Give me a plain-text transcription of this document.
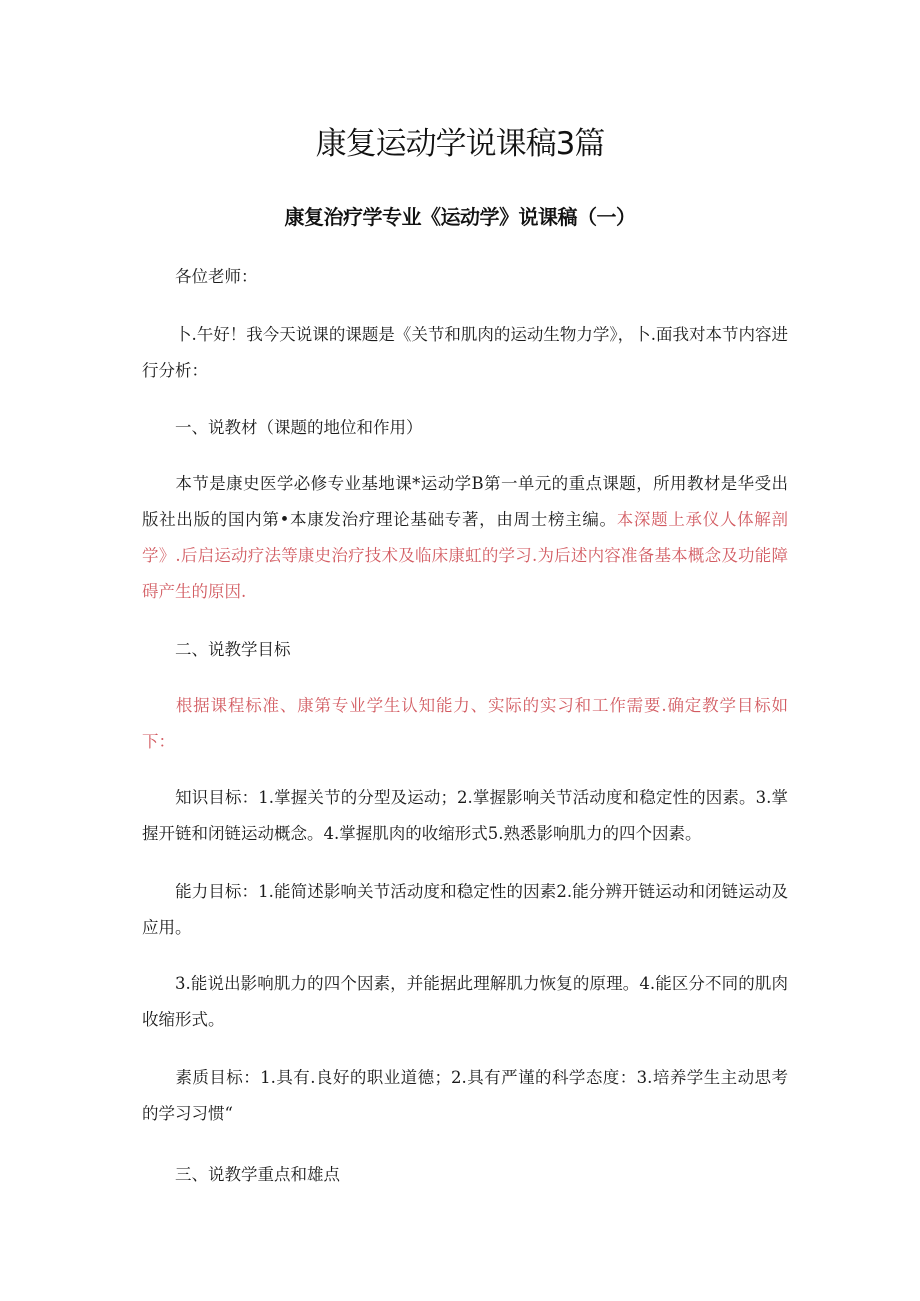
康复运动学说课稿3篇
康复治疗学专业《运动学》说课稿（一）

各位老师：

卜.午好！我今天说课的课题是《关节和肌肉的运动生物力学》，卜.面我对本节内容进行分析：

一、说教材（课题的地位和作用）

本节是康史医学必修专业基地课*运动学B第一单元的重点课题，所用教材是华受出版社出版的国内第•本康发治疗理论基础专著，由周士榜主编。本深题上承仪人体解剖学》.后启运动疗法等康史治疗技术及临床康虹的学习.为后述内容准备基本概念及功能障碍产生的原因.

二、说教学目标

根据课程标准、康第专业学生认知能力、实际的实习和工作需要.确定教学目标如下：

知识目标：1.掌握关节的分型及运动；2.掌握影响关节活动度和稳定性的因素。3.掌握开链和闭链运动概念。4.掌握肌肉的收缩形式5.熟悉影响肌力的四个因素。

能力目标：1.能简述影响关节活动度和稳定性的因素2.能分辨开链运动和闭链运动及应用。

3.能说出影响肌力的四个因素，并能据此理解肌力恢复的原理。4.能区分不同的肌肉收缩形式。

素质目标：1.具有.良好的职业道德；2.具有严谨的科学态度：3.培养学生主动思考的学习习惯“

三、说教学重点和雄点
